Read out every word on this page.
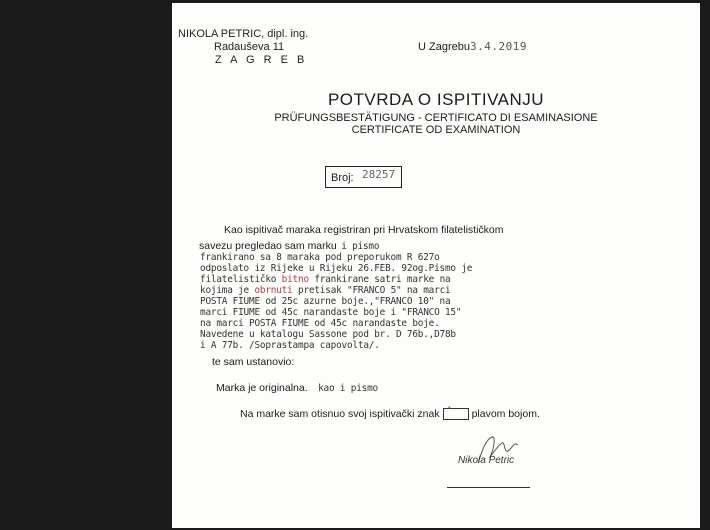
NIKOLA PETRIC, dipl. ing.
Radauševa 11
Z A G R E B
U Zagrebu3.4.2019
POTVRDA O ISPITIVANJU
PRÜFUNGSBESTÄTIGUNG - CERTIFICATO DI ESAMINASIONE
CERTIFICATE OD EXAMINATION
Broj: 28257
Kao ispitivač maraka registriran pri Hrvatskom filatelističkom
savezu pregledao sam marku i pismo
frankirano sa 8 maraka pod preporukom R 627o
odposlato iz Rijeke u Rijeku 26.FEB. 92og.Pismo je
filatelističko bitno frankirane satri marke na
kojima je obrnuti pretisak "FRANCO 5" na marci
POSTA FIUME od 25c azurne boje.,"FRANCO 10" na
marci FIUME od 45c narandaste boje i "FRANCO 15"
na marci POSTA FIUME od 45c narandaste boje.
Navedene u katalogu Sassone pod br. D 76b.,D78b
i A 77b. /Soprastampa capovolta/.
te sam ustanovio:
Marka je originalna. kao i pismo
Na marke sam otisnuo svoj ispitivački znak * plavom bojom.
Nikola Petric
